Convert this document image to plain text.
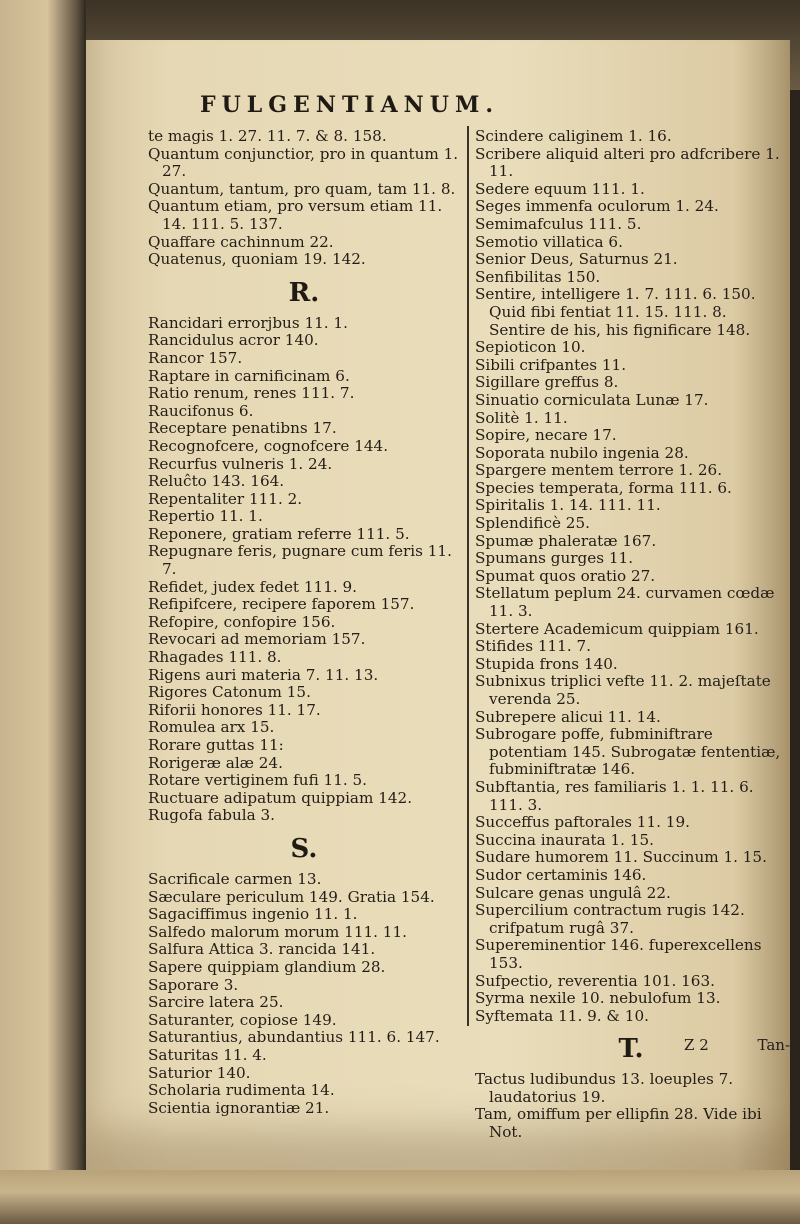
FULGENTIANUM.

te magis 1. 27. 11. 7. & 8. 158.

Quantum conjunctior, pro in quantum 1. 27.

Quantum, tantum, pro quam, tam 11. 8.

Quantum etiam, pro versum etiam 11. 14. 111. 5. 137.

Quaffare cachinnum 22.

Quatenus, quoniam 19. 142.

R.

Rancidari errorjbus 11. 1.

Rancidulus acror 140.

Rancor 157.

Raptare in carnificinam 6.

Ratio renum, renes 111. 7.

Raucifonus 6.

Receptare penatibns 17.

Recognofcere, cognofcere 144.

Recurfus vulneris 1. 24.

Reluĉto 143. 164.

Repentaliter 111. 2.

Repertio 11. 1.

Reponere, gratiam referre 111. 5.

Repugnare feris, pugnare cum feris 11. 7.

Refidet, judex fedet 111. 9.

Refipifcere, recipere faporem 157.

Refopire, confopire 156.

Revocari ad memoriam 157.

Rhagades 111. 8.

Rigens auri materia 7. 11. 13.

Rigores Catonum 15.

Riforii honores 11. 17.

Romulea arx 15.

Rorare guttas 11:

Rorigeræ alæ 24.

Rotare vertiginem fufi 11. 5.

Ructuare adipatum quippiam 142.

Rugofa fabula 3.

S.

Sacrificale carmen 13.

Sæculare periculum 149. Gratia 154.

Sagaciffimus ingenio 11. 1.

Salfedo malorum morum 111. 11.

Salfura Attica 3. rancida 141.

Sapere quippiam glandium 28.

Saporare 3.

Sarcire latera 25.

Saturanter, copiose 149.

Saturantius, abundantius 111. 6. 147.

Saturitas 11. 4.

Saturior 140.

Scholaria rudimenta 14.

Scientia ignorantiæ 21.

Scindere caliginem 1. 16.

Scribere aliquid alteri pro adfcribere 1. 11.

Sedere equum 111. 1.

Seges immenfa oculorum 1. 24.

Semimafculus 111. 5.

Semotio villatica 6.

Senior Deus, Saturnus 21.

Senfibilitas 150.

Sentire, intelligere 1. 7. 111. 6. 150. Quid fibi fentiat 11. 15. 111. 8. Sentire de his, his fignificare 148.

Sepioticon 10.

Sibili crifpantes 11.

Sigillare greffus 8.

Sinuatio corniculata Lunæ 17.

Solitè 1. 11.

Sopire, necare 17.

Soporata nubilo ingenia 28.

Spargere mentem terrore 1. 26.

Species temperata, forma 111. 6.

Spiritalis 1. 14. 111. 11.

Splendificè 25.

Spumæ phaleratæ 167.

Spumans gurges 11.

Spumat quos oratio 27.

Stellatum peplum 24. curvamen cœdæ 11. 3.

Stertere Academicum quippiam 161.

Stifides 111. 7.

Stupida frons 140.

Subnixus triplici vefte 11. 2. majeſtate verenda 25.

Subrepere alicui 11. 14.

Subrogare poffe, fubminiftrare potentiam 145. Subrogatæ fententiæ, fubminiftratæ 146.

Subftantia, res familiaris 1. 1. 11. 6. 111. 3.

Succeffus paftorales 11. 19.

Succina inaurata 1. 15.

Sudare humorem 11. Succinum 1. 15.

Sudor certaminis 146.

Sulcare genas ungulâ 22.

Supercilium contractum rugis 142. crifpatum rugâ 37.

Supereminentior 146. fuperexcellens 153.

Sufpectio, reverentia 101. 163.

Syrma nexile 10. nebulofum 13.

Syftemata 11. 9. & 10.

T.

Tactus ludibundus 13. loeuples 7. laudatorius 19.

Tam, omiffum per ellipfin 28. Vide ibi Not.

Z 2	Tan-
